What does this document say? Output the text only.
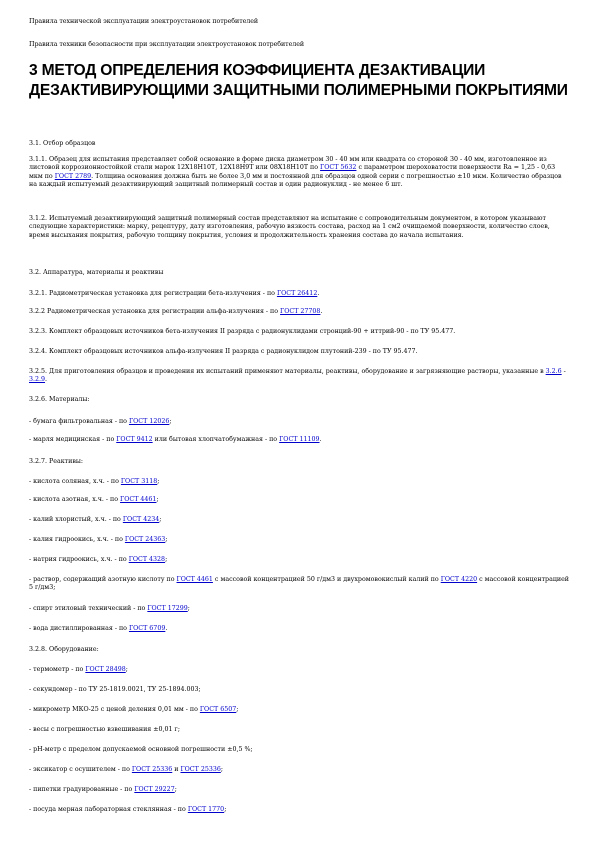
Правила технической эксплуатации электроустановок потребителей

Правила техники безопасности при эксплуатации электроустановок потребителей

3 МЕТОД ОПРЕДЕЛЕНИЯ КОЭФФИЦИЕНТА ДЕЗАКТИВАЦИИ ДЕЗАКТИВИРУЮЩИМИ ЗАЩИТНЫМИ ПОЛИМЕРНЫМИ ПОКРЫТИЯМИ

3.1. Отбор образцов

3.1.1. Образец для испытания представляет собой основание в форме диска диаметром 30 - 40 мм или квадрата со стороной 30 - 40 мм, изготовленное из листовой коррозионностойкой стали марок 12Х18Н10Т, 12Х18Н9Т или 08Х18Н10Т по ГОСТ 5632 с параметром шероховатости поверхности Ra = 1,25 - 0,63 мкм по ГОСТ 2789. Толщина основания должна быть не более 3,0 мм и постоянной для образцов одной серии с погрешностью ±10 мкм. Количество образцов на каждый испытуемый дезактивирующий защитный полимерный состав и один радионуклид - не менее 6 шт.

3.1.2. Испытуемый дезактивирующий защитный полимерный состав представляют на испытание с сопроводительным документом, в котором указывают следующие характеристики: марку, рецептуру, дату изготовления, рабочую вязкость состава, расход на 1 см2 очищаемой поверхности, количество слоев, время высыхания покрытия, рабочую толщину покрытия, условия и продолжительность хранения состава до начала испытания.

3.2. Аппаратура, материалы и реактивы

3.2.1. Радиометрическая установка для регистрации бета-излучения - по ГОСТ 26412.

3.2.2 Радиометрическая установка для регистрации альфа-излучения - по ГОСТ 27708.

3.2.3. Комплект образцовых источников бета-излучения II разряда с радионуклидами стронций-90 + иттрий-90 - по ТУ 95.477.

3.2.4. Комплект образцовых источников альфа-излучения II разряда с радионуклидом плутоний-239 - по ТУ 95.477.

3.2.5. Для приготовления образцов и проведения их испытаний применяют материалы, реактивы, оборудование и загрязняющие растворы, указанные в 3.2.6 - 3.2.9.

3.2.6. Материалы:

- бумага фильтровальная - по ГОСТ 12026;

- марля медицинская - по ГОСТ 9412 или бытовая хлопчатобумажная - по ГОСТ 11109.

3.2.7. Реактивы:

- кислота соляная, х.ч. - по ГОСТ 3118;

- кислота азотная, х.ч. - по ГОСТ 4461;

- калий хлористый, х.ч. - по ГОСТ 4234;

- калия гидроокись, х.ч. - по ГОСТ 24363;

- натрия гидроокись, х.ч. - по ГОСТ 4328;

- раствор, содержащий азотную кислоту по ГОСТ 4461 с массовой концентрацией 50 г/дм3 и двухромовокислый калий по ГОСТ 4220 с массовой концентрацией 5 г/дм3;

- спирт этиловый технический - по ГОСТ 17299;

- вода дистиллированная - по ГОСТ 6709.

3.2.8. Оборудование:

- термометр - по ГОСТ 28498;

- секундомер - по ТУ 25-1819.0021, ТУ 25-1894.003;

- микрометр МКО-25 с ценой деления 0,01 мм - по ГОСТ 6507;

- весы с погрешностью взвешивания ±0,01 г;

- рН-метр с пределом допускаемой основной погрешности ±0,5 %;

- эксикатор с осушителем - по ГОСТ 25336 и ГОСТ 25336;

- пипетки градуированные - по ГОСТ 29227;

- посуда мерная лабораторная стеклянная - по ГОСТ 1770;
